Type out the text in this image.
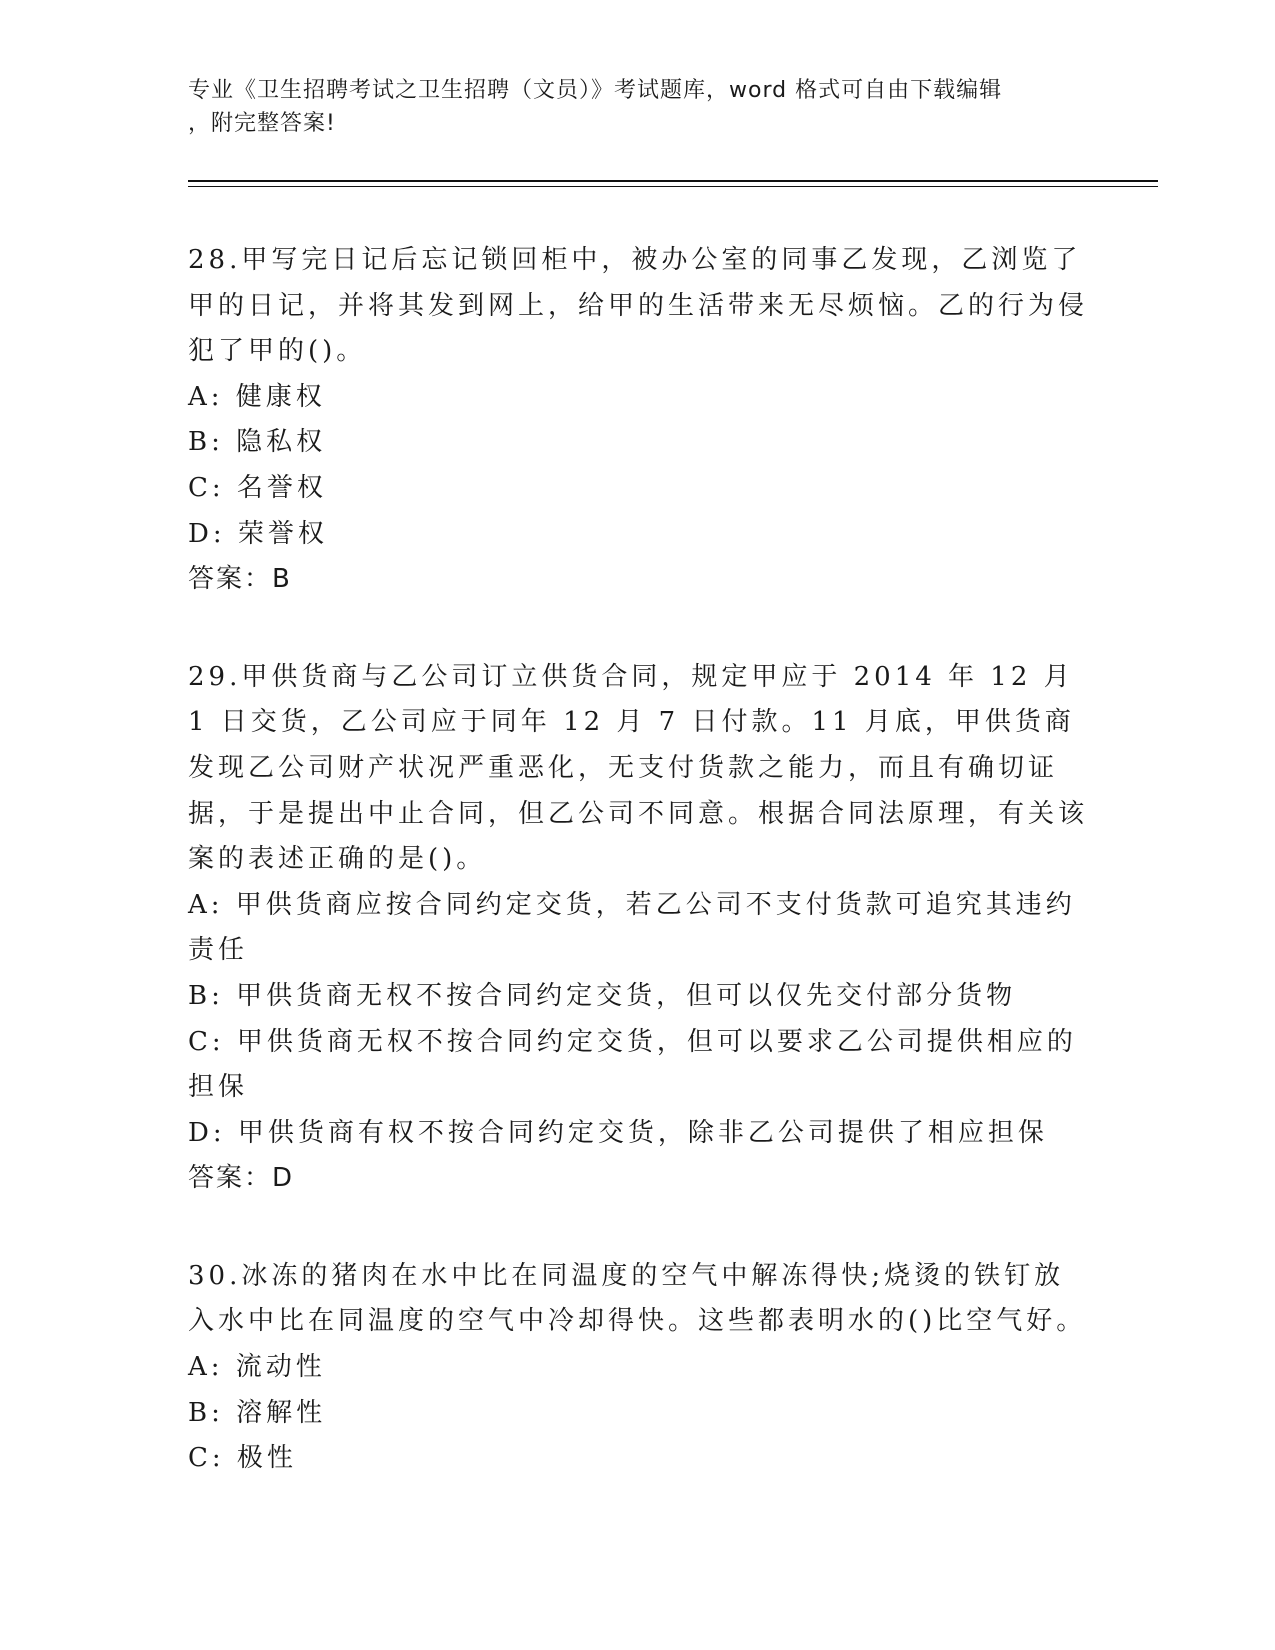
专业《卫生招聘考试之卫生招聘（文员）》考试题库，word 格式可自由下载编辑
，附完整答案!

28.甲写完日记后忘记锁回柜中，被办公室的同事乙发现，乙浏览了甲的日记，并将其发到网上，给甲的生活带来无尽烦恼。乙的行为侵犯了甲的()。

A: 健康权

B: 隐私权

C: 名誉权

D: 荣誉权

答案：B

29.甲供货商与乙公司订立供货合同，规定甲应于 2014 年 12 月 1 日交货，乙公司应于同年 12 月 7 日付款。11 月底，甲供货商发现乙公司财产状况严重恶化，无支付货款之能力，而且有确切证据，于是提出中止合同，但乙公司不同意。根据合同法原理，有关该案的表述正确的是()。

A: 甲供货商应按合同约定交货，若乙公司不支付货款可追究其违约责任

B: 甲供货商无权不按合同约定交货，但可以仅先交付部分货物

C: 甲供货商无权不按合同约定交货，但可以要求乙公司提供相应的担保

D: 甲供货商有权不按合同约定交货，除非乙公司提供了相应担保

答案：D

30.冰冻的猪肉在水中比在同温度的空气中解冻得快;烧烫的铁钉放入水中比在同温度的空气中冷却得快。这些都表明水的()比空气好。

A: 流动性

B: 溶解性

C: 极性
